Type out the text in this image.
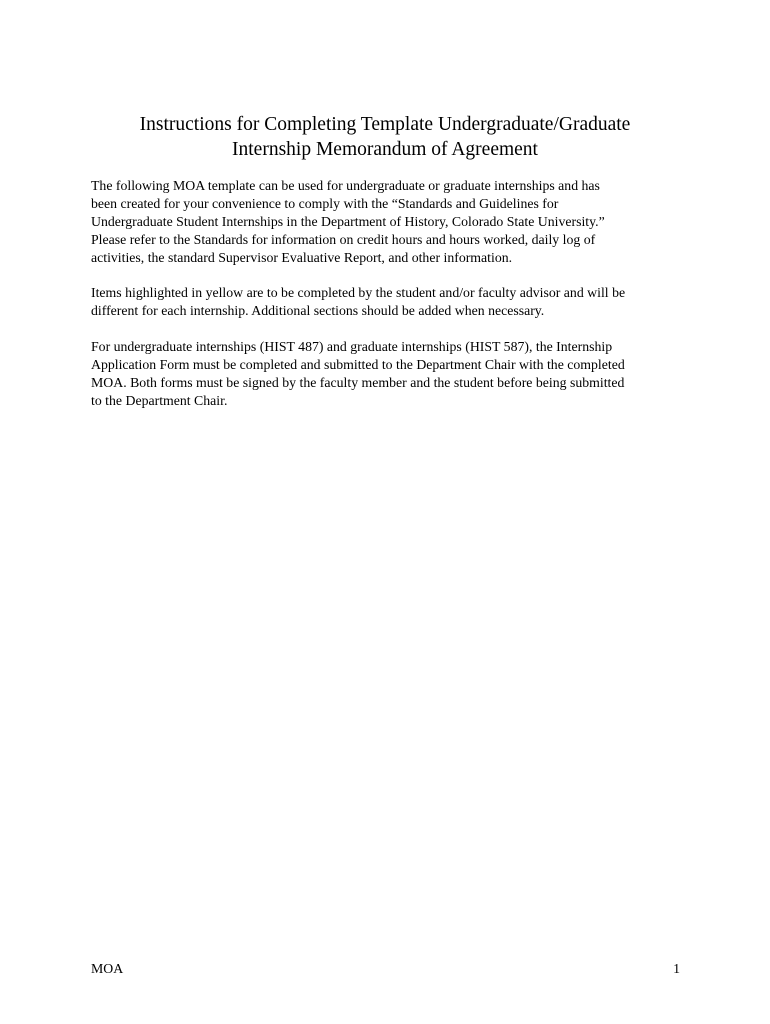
Instructions for Completing Template Undergraduate/Graduate
Internship Memorandum of Agreement

The following MOA template can be used for undergraduate or graduate internships and has
been created for your convenience to comply with the “Standards and Guidelines for
Undergraduate Student Internships in the Department of History, Colorado State University.”
Please refer to the Standards for information on credit hours and hours worked, daily log of
activities, the standard Supervisor Evaluative Report, and other information.

Items highlighted in yellow are to be completed by the student and/or faculty advisor and will be
different for each internship. Additional sections should be added when necessary.

For undergraduate internships (HIST 487) and graduate internships (HIST 587), the Internship
Application Form must be completed and submitted to the Department Chair with the completed
MOA. Both forms must be signed by the faculty member and the student before being submitted
to the Department Chair.

MOA	1
